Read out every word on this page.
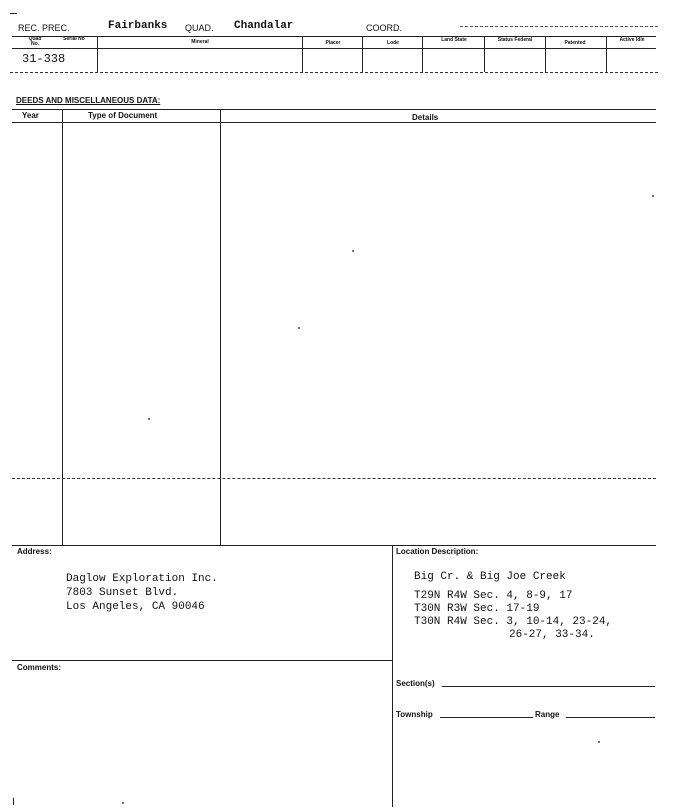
REC. PREC.	Fairbanks QUAD. Chandalar	COORD.
Quad No.
Serial No	Mineral	Placer	Lode	Land State	Status Federal	Patented	Active Idle
31-338
DEEDS AND MISCELLANEOUS DATA:
Year	Type of Document	Details
Address:
Daglow Exploration Inc.
7803 Sunset Blvd.
Los Angeles, CA 90046
Location Description:
Big Cr. & Big Joe Creek
T29N R4W Sec. 4, 8-9, 17
T30N R3W Sec. 17-19
T30N R4W Sec. 3, 10-14, 23-24,
26-27, 33-34.
Comments:
Section(s)
Township	Range
